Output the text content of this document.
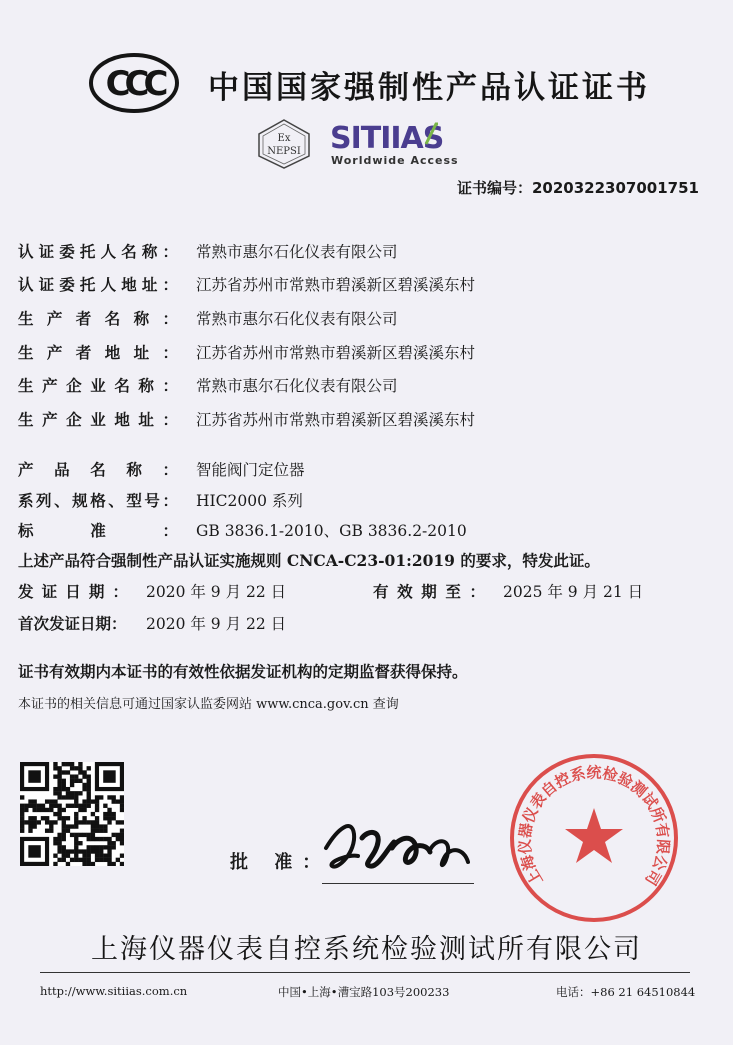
CCC 中国国家强制性产品认证证书
Ex
NEPSI SITIIAS
Worldwide Access
证书编号：2020322307001751
认证委托人名称： 常熟市惠尔石化仪表有限公司
认证委托人地址： 江苏省苏州市常熟市碧溪新区碧溪溪东村
生产者名称： 常熟市惠尔石化仪表有限公司
生产者地址： 江苏省苏州市常熟市碧溪新区碧溪溪东村
生产企业名称： 常熟市惠尔石化仪表有限公司
生产企业地址： 江苏省苏州市常熟市碧溪新区碧溪溪东村
产品名称： 智能阀门定位器
系列、规格、型号： HIC2000 系列
标准： GB 3836.1-2010、GB 3836.2-2010
上述产品符合强制性产品认证实施规则 CNCA-C23-01:2019 的要求，特发此证。
发证日期： 2020 年 9 月 22 日	有效期至： 2025 年 9 月 21 日
首次发证日期： 2020 年 9 月 22 日
证书有效期内本证书的有效性依据发证机构的定期监督获得保持。
本证书的相关信息可通过国家认监委网站 www.cnca.gov.cn 查询
批 准：
上海仪器仪表自控系统检验测试所有限公司
上海仪器仪表自控系统检验测试所有限公司
http://www.sitiias.com.cn	中国•上海•漕宝路103号200233	电话：+86 21 64510844
